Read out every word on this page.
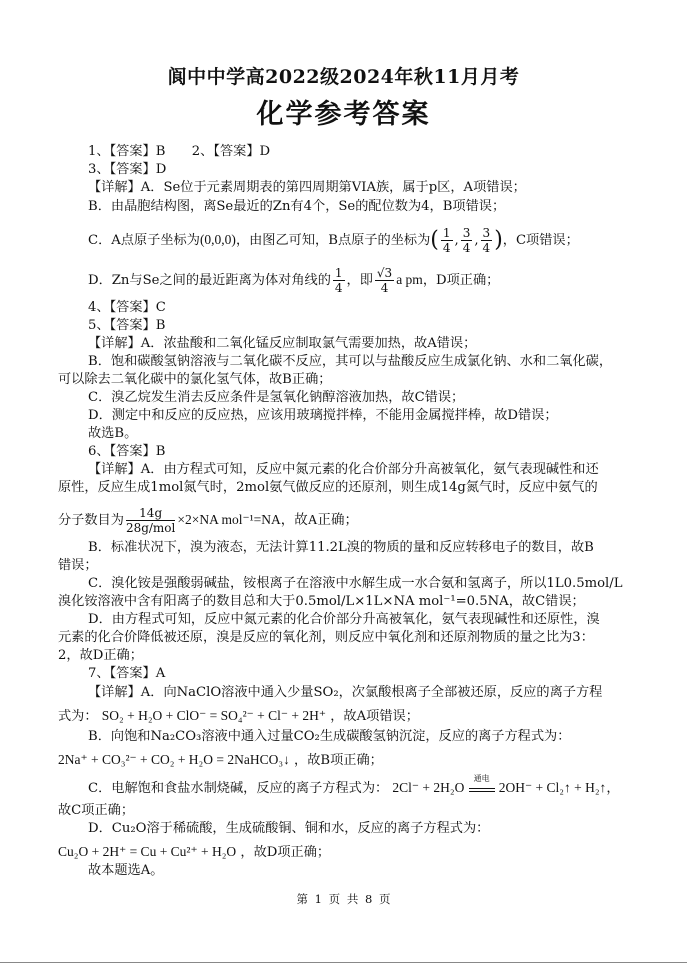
阆中中学高2022级2024年秋11月月考
化学参考答案
1、【答案】B　　2、【答案】D
3、【答案】D
【详解】A．Se位于元素周期表的第四周期第VIA族，属于p区，A项错误；
B．由晶胞结构图，离Se最近的Zn有4个，Se的配位数为4，B项错误；
C．A点原子坐标为(0,0,0)，由图乙可知，B点原子的坐标为( $\frac{1}{4}$ , $\frac{3}{4}$ , $\frac{3}{4}$ )，C项错误；
D．Zn与Se之间的最近距离为体对角线的 $\frac{1}{4}$ ，即 $\frac{√3}{4}$ a pm，D项正确；
4、【答案】C
5、【答案】B
【详解】A．浓盐酸和二氧化锰反应制取氯气需要加热，故A错误；
B．饱和碳酸氢钠溶液与二氧化碳不反应，其可以与盐酸反应生成氯化钠、水和二氧化碳，
可以除去二氧化碳中的氯化氢气体，故B正确；
C．溴乙烷发生消去反应条件是氢氧化钠醇溶液加热，故C错误；
D．测定中和反应的反应热，应该用玻璃搅拌棒，不能用金属搅拌棒，故D错误；
故选B。
6、【答案】B
【详解】A．由方程式可知，反应中氮元素的化合价部分升高被氧化，氨气表现碱性和还
原性，反应生成1mol氮气时，2mol氨气做反应的还原剂，则生成14g氮气时，反应中氨气的
分子数目为 $\frac{14g}{\text{28g/mol}} \times 2\times NA$ mol⁻¹=NA，故A正确；
B．标准状况下，溴为液态，无法计算11.2L溴的物质的量和反应转移电子的数目，故B
错误；
C．溴化铵是强酸弱碱盐，铵根离子在溶液中水解生成一水合氨和氢离子，所以1L0.5mol/L
溴化铵溶液中含有阳离子的数目总和大于0.5mol/L×1L×NA mol⁻¹=0.5NA，故C错误；
D．由方程式可知，反应中氮元素的化合价部分升高被氧化，氨气表现碱性和还原性，溴
元素的化合价降低被还原，溴是反应的氧化剂，则反应中氧化剂和还原剂物质的量之比为3：
2，故D正确；
7、【答案】A
【详解】A．向NaClO溶液中通入少量SO₂，次氯酸根离子全部被还原，反应的离子方程
式为： SO₂ + H₂O + ClO⁻ = SO₄²⁻ + Cl⁻ + 2H⁺ ，故A项错误；
B．向饱和Na₂CO₃溶液中通入过量CO₂生成碳酸氢钠沉淀，反应的离子方程式为：
2Na⁺ + CO₃²⁻ + CO₂ + H₂O = 2NaHCO₃↓ ，故B项正确；
C．电解饱和食盐水制烧碱，反应的离子方程式为： 2Cl⁻ + 2H₂O
通电
2OH⁻ + Cl₂↑ + H₂↑，
故C项正确；
D．Cu₂O溶于稀硫酸，生成硫酸铜、铜和水，反应的离子方程式为：
Cu₂O + 2H⁺ = Cu + Cu²⁺ + H₂O ，故D项正确；
故本题选A。
第 1 页 共 8 页
